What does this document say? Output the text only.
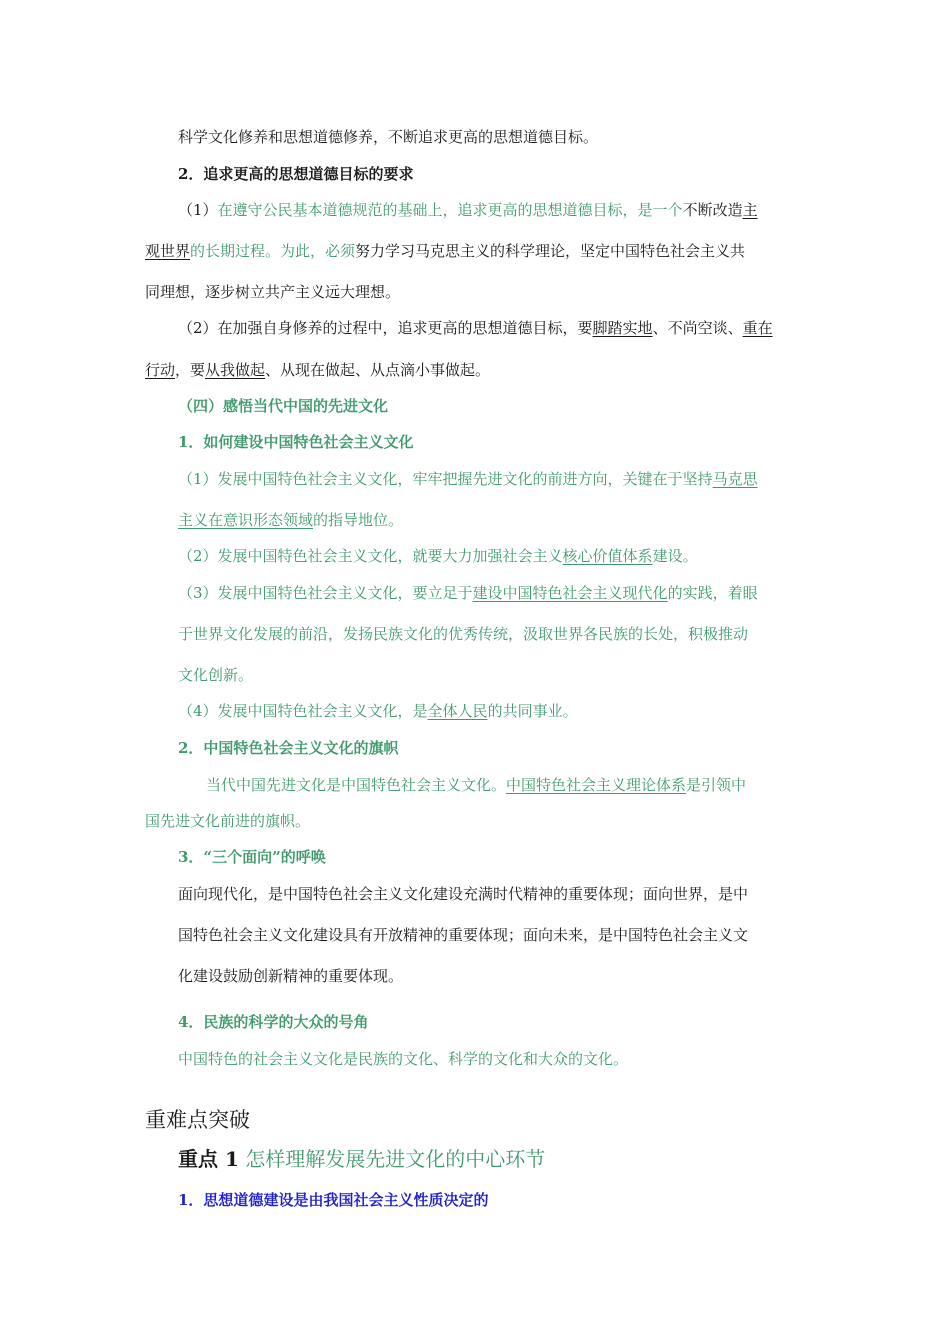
科学文化修养和思想道德修养，不断追求更高的思想道德目标。
2．追求更高的思想道德目标的要求
（1）在遵守公民基本道德规范的基础上，追求更高的思想道德目标，是一个不断改造主
观世界的长期过程。为此，必须努力学习马克思主义的科学理论，坚定中国特色社会主义共
同理想，逐步树立共产主义远大理想。
（2）在加强自身修养的过程中，追求更高的思想道德目标，要脚踏实地、不尚空谈、重在
行动，要从我做起、从现在做起、从点滴小事做起。
（四）感悟当代中国的先进文化
1．如何建设中国特色社会主义文化
（1）发展中国特色社会主义文化，牢牢把握先进文化的前进方向，关键在于坚持马克思
主义在意识形态领域的指导地位。
（2）发展中国特色社会主义文化，就要大力加强社会主义核心价值体系建设。
（3）发展中国特色社会主义文化，要立足于建设中国特色社会主义现代化的实践，着眼
于世界文化发展的前沿，发扬民族文化的优秀传统，汲取世界各民族的长处，积极推动
文化创新。
（4）发展中国特色社会主义文化，是全体人民的共同事业。
2．中国特色社会主义文化的旗帜
当代中国先进文化是中国特色社会主义文化。中国特色社会主义理论体系是引领中
国先进文化前进的旗帜。
3．“三个面向”的呼唤
面向现代化，是中国特色社会主义文化建设充满时代精神的重要体现；面向世界，是中
国特色社会主义文化建设具有开放精神的重要体现；面向未来，是中国特色社会主义文
化建设鼓励创新精神的重要体现。
4．民族的科学的大众的号角
中国特色的社会主义文化是民族的文化、科学的文化和大众的文化。
重难点突破
重点 1 怎样理解发展先进文化的中心环节
1．思想道德建设是由我国社会主义性质决定的
